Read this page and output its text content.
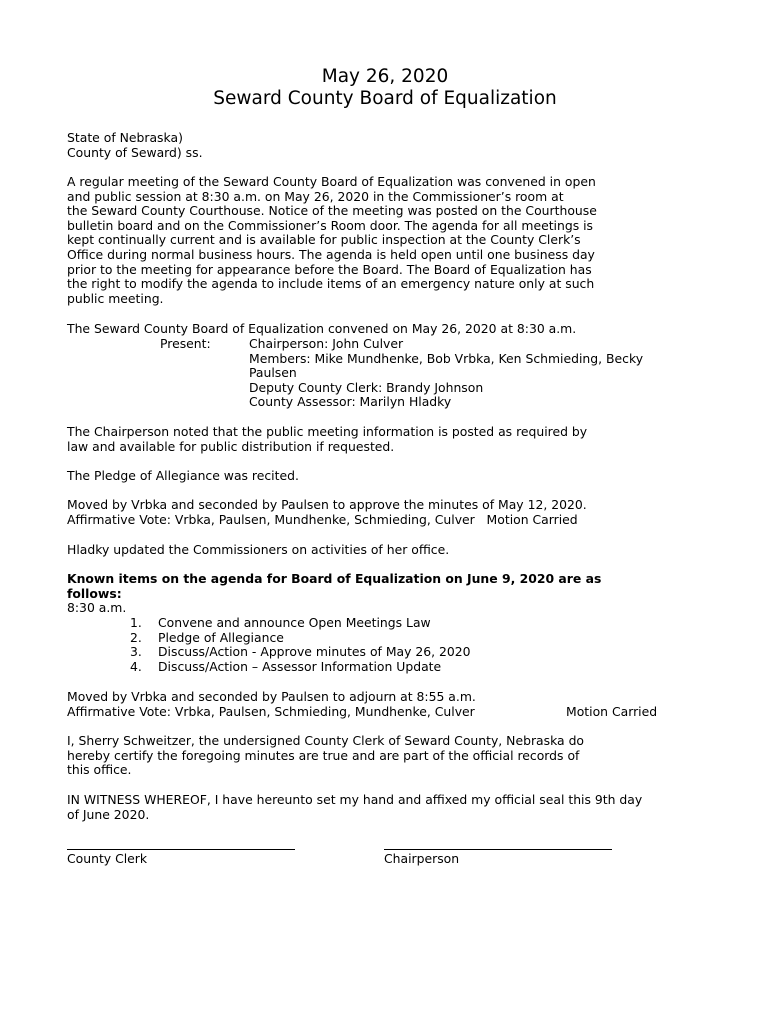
May 26, 2020
Seward County Board of Equalization
State of Nebraska)
County of Seward) ss.
A regular meeting of the Seward County Board of Equalization was convened in open
and public session at 8:30 a.m. on May 26, 2020 in the Commissioner’s room at
the Seward County Courthouse. Notice of the meeting was posted on the Courthouse
bulletin board and on the Commissioner’s Room door. The agenda for all meetings is
kept continually current and is available for public inspection at the County Clerk’s
Office during normal business hours. The agenda is held open until one business day
prior to the meeting for appearance before the Board. The Board of Equalization has
the right to modify the agenda to include items of an emergency nature only at such
public meeting.
The Seward County Board of Equalization convened on May 26, 2020 at 8:30 a.m.
Present:	Chairperson: John Culver
Members: Mike Mundhenke, Bob Vrbka, Ken Schmieding, Becky
Paulsen
Deputy County Clerk: Brandy Johnson
County Assessor: Marilyn Hladky
The Chairperson noted that the public meeting information is posted as required by
law and available for public distribution if requested.
The Pledge of Allegiance was recited.
Moved by Vrbka and seconded by Paulsen to approve the minutes of May 12, 2020.
Affirmative Vote: Vrbka, Paulsen, Mundhenke, Schmieding, Culver   Motion Carried
Hladky updated the Commissioners on activities of her office.
Known items on the agenda for Board of Equalization on June 9, 2020 are as
follows:
8:30 a.m.
1. Convene and announce Open Meetings Law
2. Pledge of Allegiance
3. Discuss/Action - Approve minutes of May 26, 2020
4. Discuss/Action – Assessor Information Update
Moved by Vrbka and seconded by Paulsen to adjourn at 8:55 a.m.
Affirmative Vote: Vrbka, Paulsen, Schmieding, Mundhenke, Culver	Motion Carried
I, Sherry Schweitzer, the undersigned County Clerk of Seward County, Nebraska do
hereby certify the foregoing minutes are true and are part of the official records of
this office.
IN WITNESS WHEREOF, I have hereunto set my hand and affixed my official seal this 9th day
of June 2020.
County Clerk	Chairperson
